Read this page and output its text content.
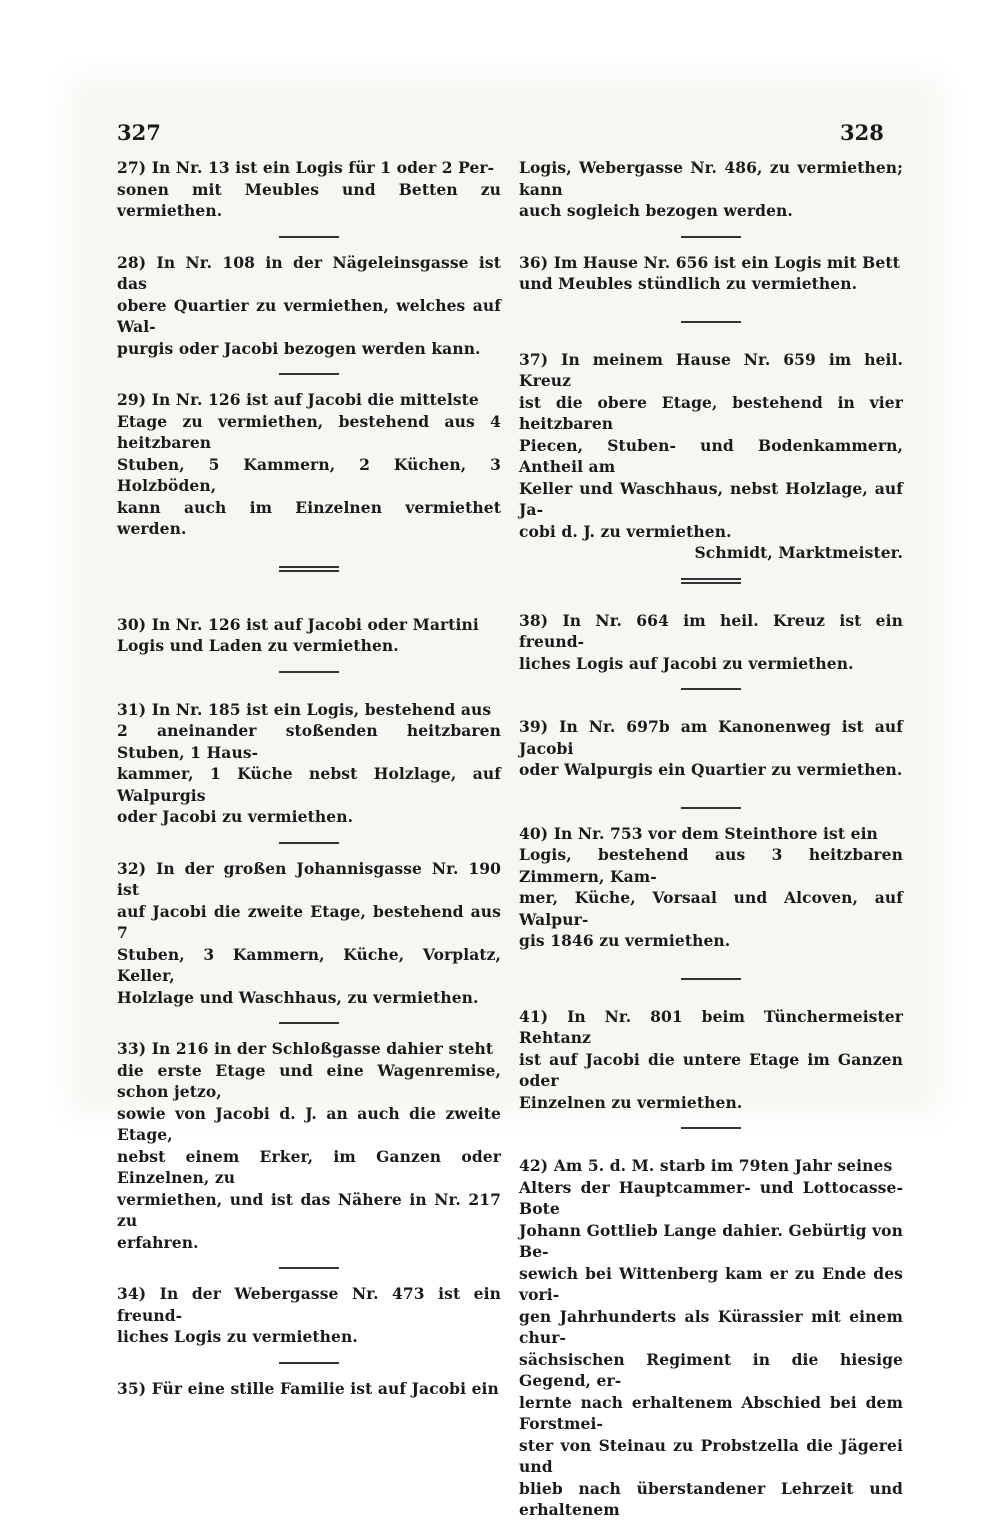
327	328

27) In Nr. 13 ist ein Logis für 1 oder 2 Per-

sonen mit Meubles und Betten zu vermiethen.

28) In Nr. 108 in der Nägeleinsgasse ist das

obere Quartier zu vermiethen, welches auf Wal-

purgis oder Jacobi bezogen werden kann.

29) In Nr. 126 ist auf Jacobi die mittelste

Etage zu vermiethen, bestehend aus 4 heitzbaren

Stuben, 5 Kammern, 2 Küchen, 3 Holzböden,

kann auch im Einzelnen vermiethet werden.

30) In Nr. 126 ist auf Jacobi oder Martini

Logis und Laden zu vermiethen.

31) In Nr. 185 ist ein Logis, bestehend aus

2 aneinander stoßenden heitzbaren Stuben, 1 Haus-

kammer, 1 Küche nebst Holzlage, auf Walpurgis

oder Jacobi zu vermiethen.

32) In der großen Johannisgasse Nr. 190 ist

auf Jacobi die zweite Etage, bestehend aus 7

Stuben, 3 Kammern, Küche, Vorplatz, Keller,

Holzlage und Waschhaus, zu vermiethen.

33) In 216 in der Schloßgasse dahier steht

die erste Etage und eine Wagenremise, schon jetzo,

sowie von Jacobi d. J. an auch die zweite Etage,

nebst einem Erker, im Ganzen oder Einzelnen, zu

vermiethen, und ist das Nähere in Nr. 217 zu

erfahren.

34) In der Webergasse Nr. 473 ist ein freund-

liches Logis zu vermiethen.

35) Für eine stille Familie ist auf Jacobi ein

Logis, Webergasse Nr. 486, zu vermiethen; kann

auch sogleich bezogen werden.

36) Im Hause Nr. 656 ist ein Logis mit Bett

und Meubles stündlich zu vermiethen.

37) In meinem Hause Nr. 659 im heil. Kreuz

ist die obere Etage, bestehend in vier heitzbaren

Piecen, Stuben- und Bodenkammern, Antheil am

Keller und Waschhaus, nebst Holzlage, auf Ja-

cobi d. J. zu vermiethen.

Schmidt, Marktmeister.

38) In Nr. 664 im heil. Kreuz ist ein freund-

liches Logis auf Jacobi zu vermiethen.

39) In Nr. 697b am Kanonenweg ist auf Jacobi

oder Walpurgis ein Quartier zu vermiethen.

40) In Nr. 753 vor dem Steinthore ist ein

Logis, bestehend aus 3 heitzbaren Zimmern, Kam-

mer, Küche, Vorsaal und Alcoven, auf Walpur-

gis 1846 zu vermiethen.

41) In Nr. 801 beim Tünchermeister Rehtanz

ist auf Jacobi die untere Etage im Ganzen oder

Einzelnen zu vermiethen.

42) Am 5. d. M. starb im 79ten Jahr seines

Alters der Hauptcammer- und Lottocasse-Bote

Johann Gottlieb Lange dahier. Gebürtig von Be-

sewich bei Wittenberg kam er zu Ende des vori-

gen Jahrhunderts als Kürassier mit einem chur-

sächsischen Regiment in die hiesige Gegend, er-

lernte nach erhaltenem Abschied bei dem Forstmei-

ster von Steinau zu Probstzella die Jägerei und

blieb nach überstandener Lehrzeit und erhaltenem
